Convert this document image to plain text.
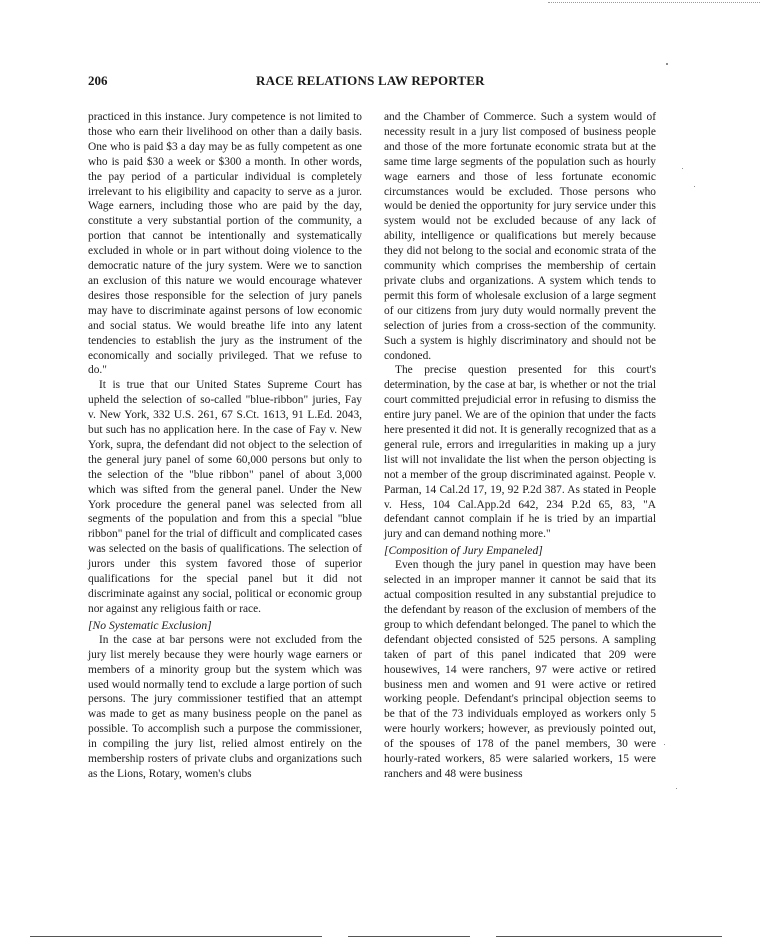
206	RACE RELATIONS LAW REPORTER

practiced in this instance. Jury competence is not limited to those who earn their livelihood on other than a daily basis. One who is paid $3 a day may be as fully competent as one who is paid $30 a week or $300 a month. In other words, the pay period of a particular individual is completely irrelevant to his eligibility and capacity to serve as a juror. Wage earners, including those who are paid by the day, constitute a very substantial portion of the community, a portion that cannot be intentionally and systematically excluded in whole or in part without doing violence to the democratic nature of the jury system. Were we to sanction an exclusion of this nature we would encourage whatever desires those responsible for the selection of jury panels may have to discriminate against persons of low economic and social status. We would breathe life into any latent tendencies to establish the jury as the instrument of the economically and socially privileged. That we refuse to do."

It is true that our United States Supreme Court has upheld the selection of so-called "blue-ribbon" juries, Fay v. New York, 332 U.S. 261, 67 S.Ct. 1613, 91 L.Ed. 2043, but such has no application here. In the case of Fay v. New York, supra, the defendant did not object to the selection of the general jury panel of some 60,000 persons but only to the selection of the "blue ribbon" panel of about 3,000 which was sifted from the general panel. Under the New York procedure the general panel was selected from all segments of the population and from this a special "blue ribbon" panel for the trial of difficult and complicated cases was selected on the basis of qualifications. The selection of jurors under this system favored those of superior qualifications for the special panel but it did not discriminate against any social, political or economic group nor against any religious faith or race.

[No Systematic Exclusion]

In the case at bar persons were not excluded from the jury list merely because they were hourly wage earners or members of a minority group but the system which was used would normally tend to exclude a large portion of such persons. The jury commissioner testified that an attempt was made to get as many business people on the panel as possible. To accomplish such a purpose the commissioner, in compiling the jury list, relied almost entirely on the membership rosters of private clubs and organizations such as the Lions, Rotary, women's clubs

and the Chamber of Commerce. Such a system would of necessity result in a jury list composed of business people and those of the more fortunate economic strata but at the same time large segments of the population such as hourly wage earners and those of less fortunate economic circumstances would be excluded. Those persons who would be denied the opportunity for jury service under this system would not be excluded because of any lack of ability, intelligence or qualifications but merely because they did not belong to the social and economic strata of the community which comprises the membership of certain private clubs and organizations. A system which tends to permit this form of wholesale exclusion of a large segment of our citizens from jury duty would normally prevent the selection of juries from a cross-section of the community. Such a system is highly discriminatory and should not be condoned.

The precise question presented for this court's determination, by the case at bar, is whether or not the trial court committed prejudicial error in refusing to dismiss the entire jury panel. We are of the opinion that under the facts here presented it did not. It is generally recognized that as a general rule, errors and irregularities in making up a jury list will not invalidate the list when the person objecting is not a member of the group discriminated against. People v. Parman, 14 Cal.2d 17, 19, 92 P.2d 387. As stated in People v. Hess, 104 Cal.App.2d 642, 234 P.2d 65, 83, "A defendant cannot complain if he is tried by an impartial jury and can demand nothing more."

[Composition of Jury Empaneled]

Even though the jury panel in question may have been selected in an improper manner it cannot be said that its actual composition resulted in any substantial prejudice to the defendant by reason of the exclusion of members of the group to which defendant belonged. The panel to which the defendant objected consisted of 525 persons. A sampling taken of part of this panel indicated that 209 were housewives, 14 were ranchers, 97 were active or retired business men and women and 91 were active or retired working people. Defendant's principal objection seems to be that of the 73 individuals employed as workers only 5 were hourly workers; however, as previously pointed out, of the spouses of 178 of the panel members, 30 were hourly-rated workers, 85 were salaried workers, 15 were ranchers and 48 were business
